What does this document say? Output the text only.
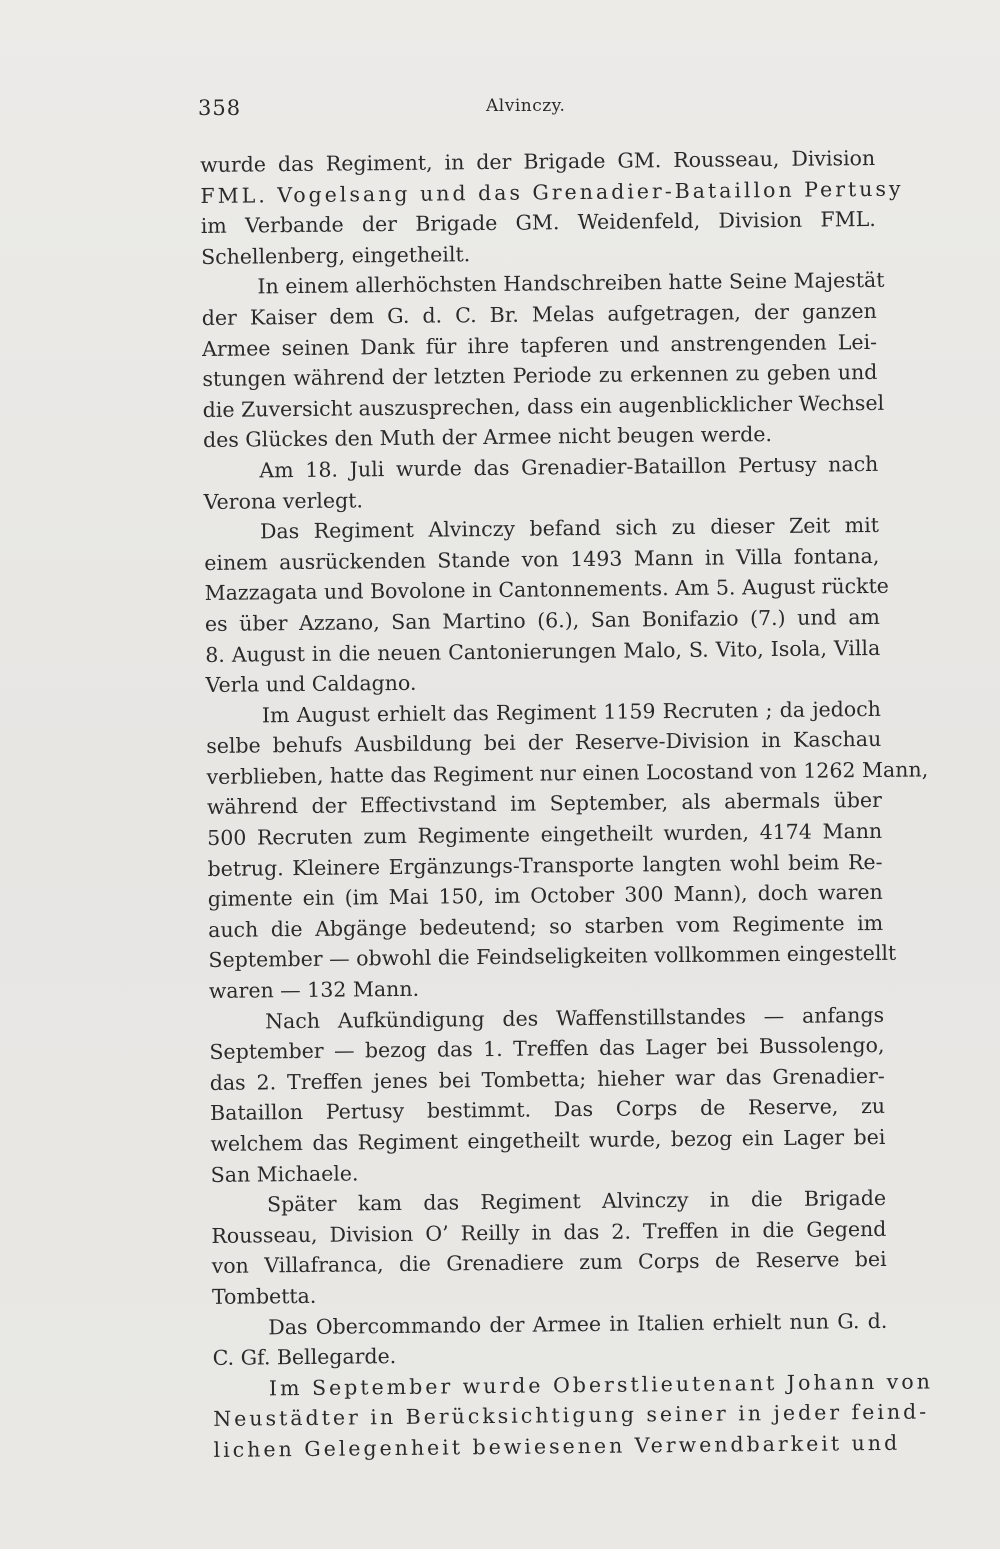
358	Alvinczy.
wurde das Regiment, in der Brigade GM. Rousseau, Division
FML. Vogelsang und das Grenadier-Bataillon Pertusy
im Verbande der Brigade GM. Weidenfeld, Division FML.
Schellenberg, eingetheilt.
In einem allerhöchsten Handschreiben hatte Seine Majestät
der Kaiser dem G. d. C. Br. Melas aufgetragen, der ganzen
Armee seinen Dank für ihre tapferen und anstrengenden Lei-
stungen während der letzten Periode zu erkennen zu geben und
die Zuversicht auszusprechen, dass ein augenblicklicher Wechsel
des Glückes den Muth der Armee nicht beugen werde.
Am 18. Juli wurde das Grenadier-Bataillon Pertusy nach
Verona verlegt.
Das Regiment Alvinczy befand sich zu dieser Zeit mit
einem ausrückenden Stande von 1493 Mann in Villa fontana,
Mazzagata und Bovolone in Cantonnements. Am 5. August rückte
es über Azzano, San Martino (6.), San Bonifazio (7.) und am
8. August in die neuen Cantonierungen Malo, S. Vito, Isola, Villa
Verla und Caldagno.
Im August erhielt das Regiment 1159 Recruten ; da jedoch
selbe behufs Ausbildung bei der Reserve-Division in Kaschau
verblieben, hatte das Regiment nur einen Locostand von 1262 Mann,
während der Effectivstand im September, als abermals über
500 Recruten zum Regimente eingetheilt wurden, 4174 Mann
betrug. Kleinere Ergänzungs-Transporte langten wohl beim Re-
gimente ein (im Mai 150, im October 300 Mann), doch waren
auch die Abgänge bedeutend; so starben vom Regimente im
September — obwohl die Feindseligkeiten vollkommen eingestellt
waren — 132 Mann.
Nach Aufkündigung des Waffenstillstandes — anfangs
September — bezog das 1. Treffen das Lager bei Bussolengo,
das 2. Treffen jenes bei Tombetta; hieher war das Grenadier-
Bataillon Pertusy bestimmt. Das Corps de Reserve, zu
welchem das Regiment eingetheilt wurde, bezog ein Lager bei
San Michaele.
Später kam das Regiment Alvinczy in die Brigade
Rousseau, Division O’ Reilly in das 2. Treffen in die Gegend
von Villafranca, die Grenadiere zum Corps de Reserve bei
Tombetta.
Das Obercommando der Armee in Italien erhielt nun G. d.
C. Gf. Bellegarde.
Im September wurde Oberstlieutenant Johann von
Neustädter in Berücksichtigung seiner in jeder feind-
lichen Gelegenheit bewiesenen Verwendbarkeit und
